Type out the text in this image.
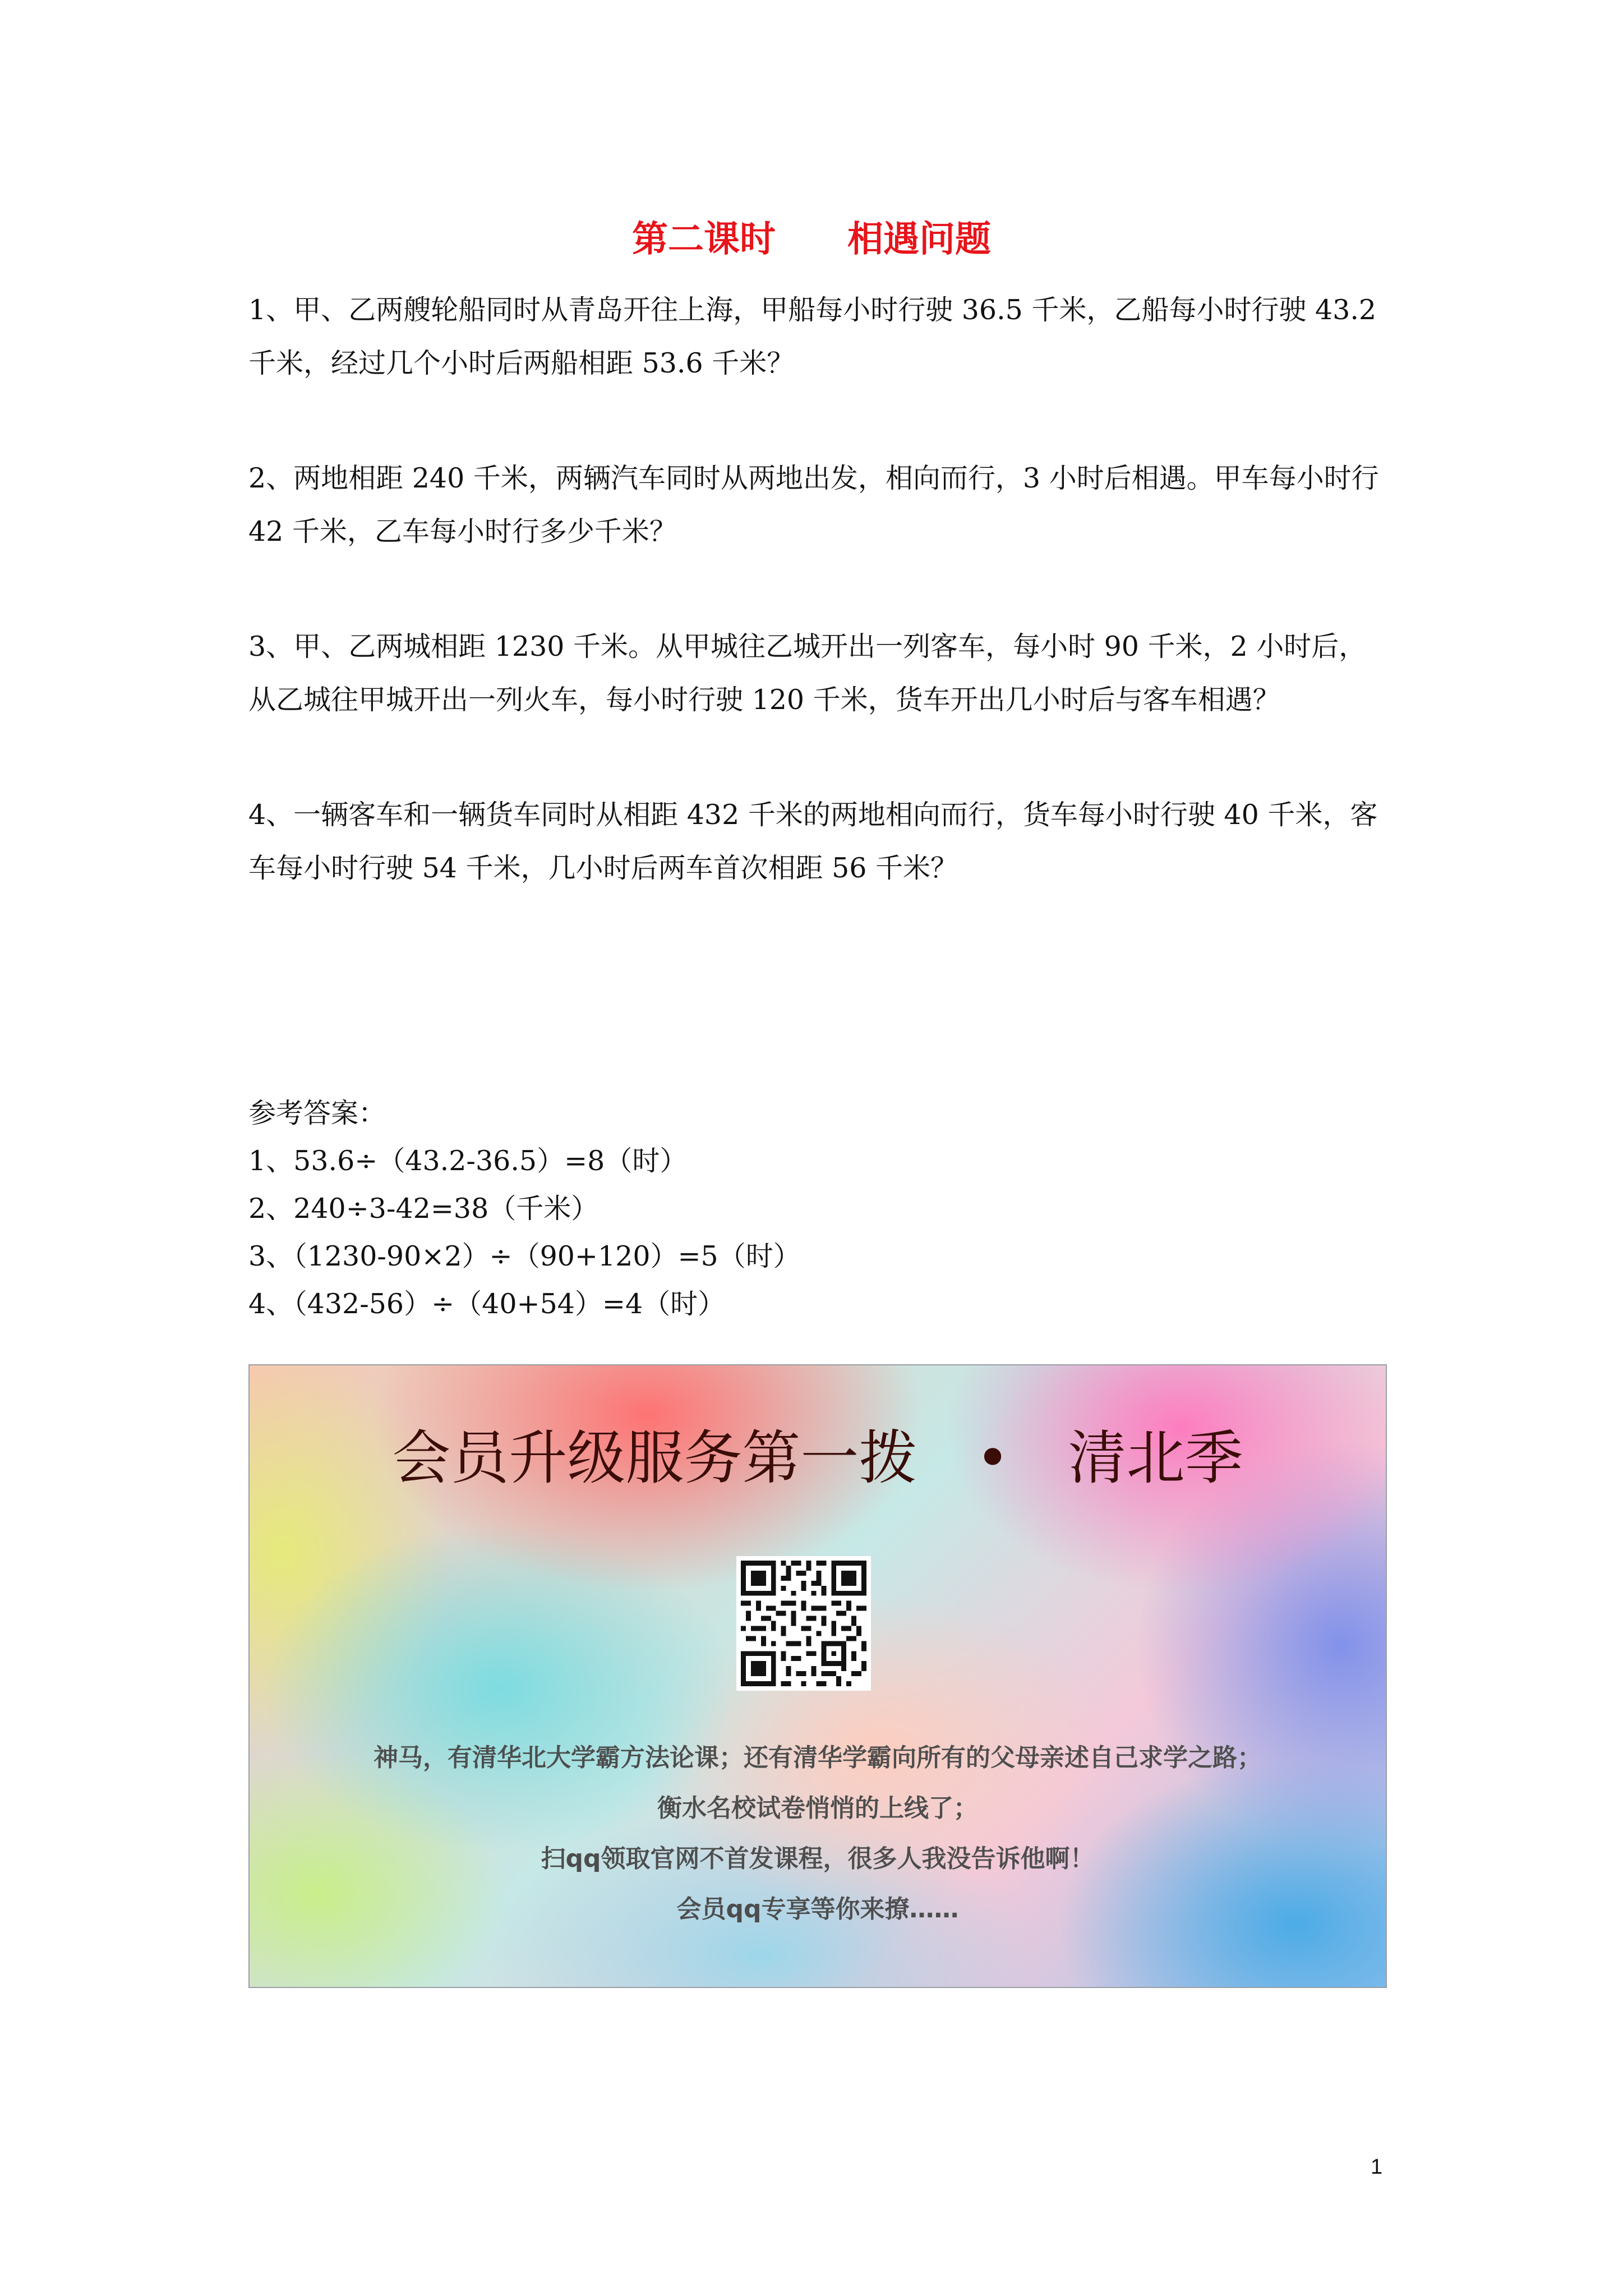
第二课时　　相遇问题
1、甲、乙两艘轮船同时从青岛开往上海，甲船每小时行驶 36.5 千米，乙船每小时行驶 43.2 千米，经过几个小时后两船相距 53.6 千米？
2、两地相距 240 千米，两辆汽车同时从两地出发，相向而行，3 小时后相遇。甲车每小时行 42 千米，乙车每小时行多少千米？
3、甲、乙两城相距 1230 千米。从甲城往乙城开出一列客车，每小时 90 千米，2 小时后，从乙城往甲城开出一列火车，每小时行驶 120 千米，货车开出几小时后与客车相遇？
4、一辆客车和一辆货车同时从相距 432 千米的两地相向而行，货车每小时行驶 40 千米，客车每小时行驶 54 千米，几小时后两车首次相距 56 千米？
参考答案：
1、53.6÷（43.2-36.5）=8（时）
2、240÷3-42=38（千米）
3、（1230-90×2）÷（90+120）=5（时）
4、（432-56）÷（40+54）=4（时）
会员升级服务第一拨　•　清北季
神马，有清华北大学霸方法论课；还有清华学霸向所有的父母亲述自己求学之路；
衡水名校试卷悄悄的上线了；
扫qq领取官网不首发课程，很多人我没告诉他啊！
会员qq专享等你来撩……
1
